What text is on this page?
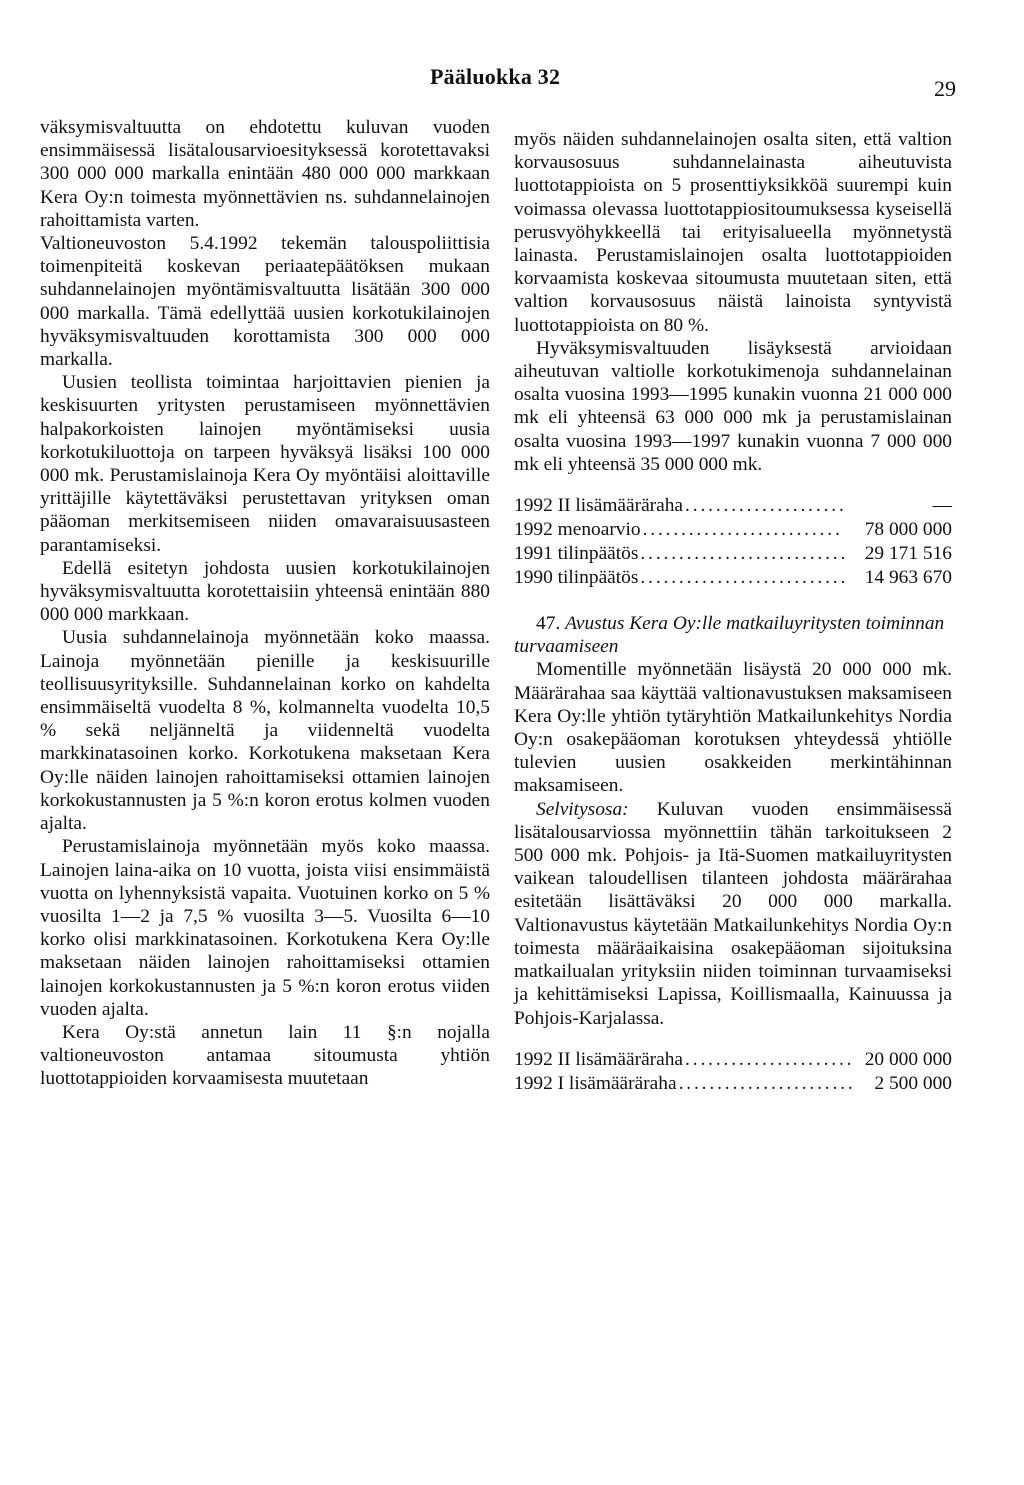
Pääluokka 32	29

väksymisvaltuutta on ehdotettu kuluvan vuoden ensimmäisessä lisätalousarvioesityksessä korotettavaksi 300 000 000 markalla enintään 480 000 000 markkaan Kera Oy:n toimesta myönnettävien ns. suhdannelainojen rahoittamista varten.

Valtioneuvoston 5.4.1992 tekemän talouspoliittisia toimenpiteitä koskevan periaatepäätöksen mukaan suhdannelainojen myöntämisvaltuutta lisätään 300 000 000 markalla. Tämä edellyttää uusien korkotukilainojen hyväksymisvaltuuden korottamista 300 000 000 markalla.

Uusien teollista toimintaa harjoittavien pienien ja keskisuurten yritysten perustamiseen myönnettävien halpakorkoisten lainojen myöntämiseksi uusia korkotukiluottoja on tarpeen hyväksyä lisäksi 100 000 000 mk. Perustamislainoja Kera Oy myöntäisi aloittaville yrittäjille käytettäväksi perustettavan yrityksen oman pääoman merkitsemiseen niiden omavaraisuusasteen parantamiseksi.

Edellä esitetyn johdosta uusien korkotukilainojen hyväksymisvaltuutta korotettaisiin yhteensä enintään 880 000 000 markkaan.

Uusia suhdannelainoja myönnetään koko maassa. Lainoja myönnetään pienille ja keskisuurille teollisuusyrityksille. Suhdannelainan korko on kahdelta ensimmäiseltä vuodelta 8 %, kolmannelta vuodelta 10,5 % sekä neljänneltä ja viidenneltä vuodelta markkinatasoinen korko. Korkotukena maksetaan Kera Oy:lle näiden lainojen rahoittamiseksi ottamien lainojen korkokustannusten ja 5 %:n koron erotus kolmen vuoden ajalta.

Perustamislainoja myönnetään myös koko maassa. Lainojen laina-aika on 10 vuotta, joista viisi ensimmäistä vuotta on lyhennyksistä vapaita. Vuotuinen korko on 5 % vuosilta 1—2 ja 7,5 % vuosilta 3—5. Vuosilta 6—10 korko olisi markkinatasoinen. Korkotukena Kera Oy:lle maksetaan näiden lainojen rahoittamiseksi ottamien lainojen korkokustannusten ja 5 %:n koron erotus viiden vuoden ajalta.

Kera Oy:stä annetun lain 11 §:n nojalla valtioneuvoston antamaa sitoumusta yhtiön luottotappioiden korvaamisesta muutetaan

myös näiden suhdannelainojen osalta siten, että valtion korvausosuus suhdannelainasta aiheutuvista luottotappioista on 5 prosenttiyksikköä suurempi kuin voimassa olevassa luottotappiositoumuksessa kyseisellä perusvyöhykkeellä tai erityisalueella myönnetystä lainasta. Perustamislainojen osalta luottotappioiden korvaamista koskevaa sitoumusta muutetaan siten, että valtion korvausosuus näistä lainoista syntyvistä luottotappioista on 80 %.

Hyväksymisvaltuuden lisäyksestä arvioidaan aiheutuvan valtiolle korkotukimenoja suhdannelainan osalta vuosina 1993—1995 kunakin vuonna 21 000 000 mk eli yhteensä 63 000 000 mk ja perustamislainan osalta vuosina 1993—1997 kunakin vuonna 7 000 000 mk eli yhteensä 35 000 000 mk.

1992 II lisämääräraha . . .	—
1992 menoarvio . . .	78 000 000
1991 tilinpäätös . . .	29 171 516
1990 tilinpäätös . . .	14 963 670

47. Avustus Kera Oy:lle matkailuyritysten toiminnan turvaamiseen

Momentille myönnetään lisäystä 20 000 000 mk. Määrärahaa saa käyttää valtionavustuksen maksamiseen Kera Oy:lle yhtiön tytäryhtiön Matkailunkehitys Nordia Oy:n osakepääoman korotuksen yhteydessä yhtiölle tulevien uusien osakkeiden merkintähinnan maksamiseen.

Selvitysosa: Kuluvan vuoden ensimmäisessä lisätalousarviossa myönnettiin tähän tarkoitukseen 2 500 000 mk. Pohjois- ja Itä-Suomen matkailuyritysten vaikean taloudellisen tilanteen johdosta määrärahaa esitetään lisättäväksi 20 000 000 markalla. Valtionavustus käytetään Matkailunkehitys Nordia Oy:n toimesta määräaikaisina osakepääoman sijoituksina matkailualan yrityksiin niiden toiminnan turvaamiseksi ja kehittämiseksi Lapissa, Koillismaalla, Kainuussa ja Pohjois-Karjalassa.

1992 II lisämääräraha . . .	20 000 000
1992 I lisämääräraha . . .	2 500 000
